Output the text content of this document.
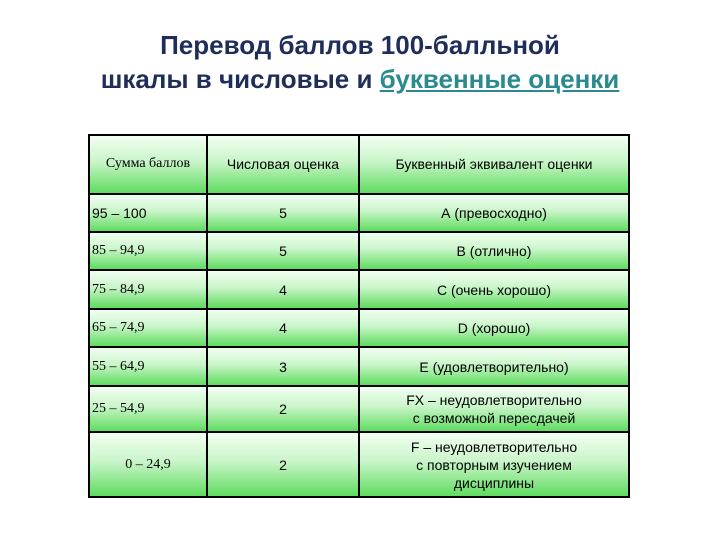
Перевод баллов 100-балльной
шкалы в числовые и буквенные оценки
Сумма баллов	Числовая оценка	Буквенный эквивалент оценки
95 – 100	5	А (превосходно)
85 – 94,9	5	В (отлично)
75 – 84,9	4	С (очень хорошо)
65 – 74,9	4	D (хорошо)
55 – 64,9	3	Е (удовлетворительно)
25 – 54,9	2	FX – неудовлетворительно
с возможной пересдачей

0 – 24,9	2	F – неудовлетворительно
с повторным изучением
дисциплины
